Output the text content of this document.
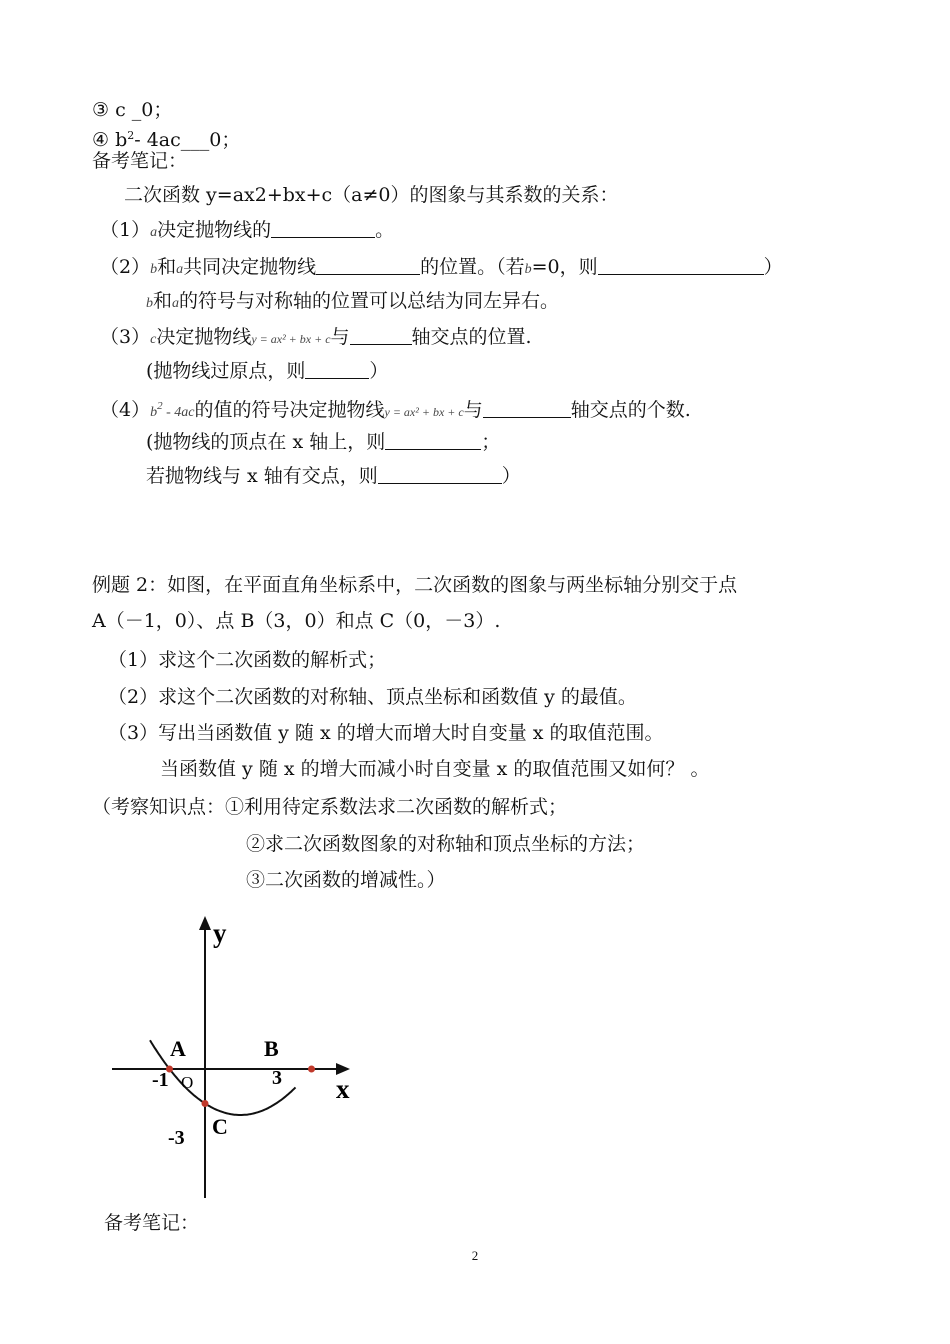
③ c _0；
④ $b^2-$ 4ac___0；
备考笔记：
二次函数 y=ax2+bx+c（a≠0）的图象与其系数的关系：
（1）a决定抛物线的	。
（2）b和a共同决定抛物线	的位置。（若b=0，则	）
b和a的符号与对称轴的位置可以总结为同左异右。
（3）c决定抛物线y = ax² + bx + c与	轴交点的位置.
(抛物线过原点，则	）
$(4)b^2 - 4ac$的值的符号决定抛物线y = ax² + bx + c与	轴交点的个数.
(抛物线的顶点在 x 轴上，则	；
若抛物线与 x 轴有交点，则	）
例题 2：如图，在平面直角坐标系中，二次函数的图象与两坐标轴分别交于点
A（－1，0）、点 B（3，0）和点 C（0，－3）.
（1）求这个二次函数的解析式；
（2）求这个二次函数的对称轴、顶点坐标和函数值 y 的最值。
（3）写出当函数值 y 随 x 的增大而增大时自变量 x 的取值范围。
当函数值 y 随 x 的增大而减小时自变量 x 的取值范围又如何？ 。
（考察知识点：①利用待定系数法求二次函数的解析式；
②求二次函数图象的对称轴和顶点坐标的方法；
③二次函数的增减性。）
y
x
A	B
C
-1 O	3
-3
备考笔记：
2
